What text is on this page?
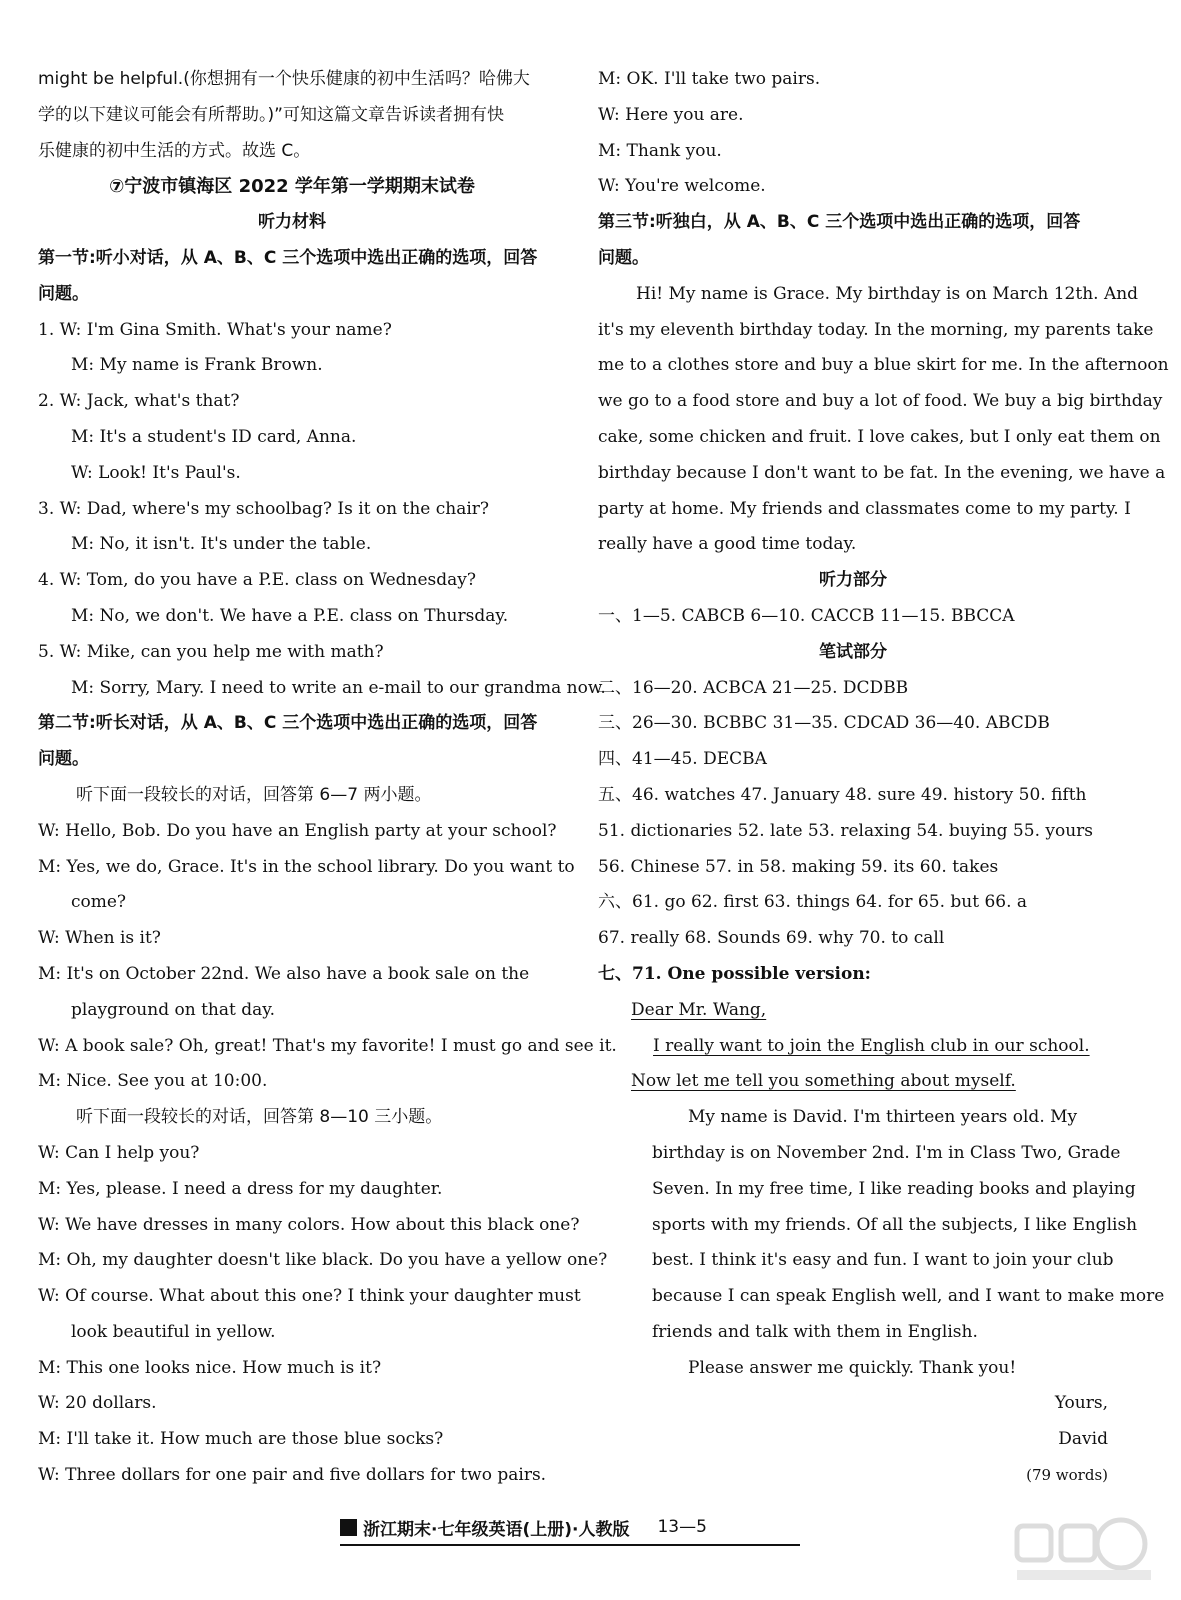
might be helpful.(你想拥有一个快乐健康的初中生活吗？哈佛大

学的以下建议可能会有所帮助。)”可知这篇文章告诉读者拥有快

乐健康的初中生活的方式。故选 C。

⑦宁波市镇海区 2022 学年第一学期期末试卷

听力材料

第一节:听小对话，从 A、B、C 三个选项中选出正确的选项，回答

问题。

1. W: I'm Gina Smith. What's your name?

M: My name is Frank Brown.

2. W: Jack, what's that?

M: It's a student's ID card, Anna.

W: Look! It's Paul's.

3. W: Dad, where's my schoolbag? Is it on the chair?

M: No, it isn't. It's under the table.

4. W: Tom, do you have a P.E. class on Wednesday?

M: No, we don't. We have a P.E. class on Thursday.

5. W: Mike, can you help me with math?

M: Sorry, Mary. I need to write an e-mail to our grandma now.

第二节:听长对话，从 A、B、C 三个选项中选出正确的选项，回答

问题。

听下面一段较长的对话，回答第 6—7 两小题。

W: Hello, Bob. Do you have an English party at your school?

M: Yes, we do, Grace. It's in the school library. Do you want to

come?

W: When is it?

M: It's on October 22nd. We also have a book sale on the

playground on that day.

W: A book sale? Oh, great! That's my favorite! I must go and see it.

M: Nice. See you at 10:00.

听下面一段较长的对话，回答第 8—10 三小题。

W: Can I help you?

M: Yes, please. I need a dress for my daughter.

W: We have dresses in many colors. How about this black one?

M: Oh, my daughter doesn't like black. Do you have a yellow one?

W: Of course. What about this one? I think your daughter must

look beautiful in yellow.

M: This one looks nice. How much is it?

W: 20 dollars.

M: I'll take it. How much are those blue socks?

W: Three dollars for one pair and five dollars for two pairs.

M: OK. I'll take two pairs.

W: Here you are.

M: Thank you.

W: You're welcome.

第三节:听独白，从 A、B、C 三个选项中选出正确的选项，回答

问题。

Hi! My name is Grace. My birthday is on March 12th. And

it's my eleventh birthday today. In the morning, my parents take

me to a clothes store and buy a blue skirt for me. In the afternoon

we go to a food store and buy a lot of food. We buy a big birthday

cake, some chicken and fruit. I love cakes, but I only eat them on

birthday because I don't want to be fat. In the evening, we have a

party at home. My friends and classmates come to my party. I

really have a good time today.

听力部分

一、1—5. CABCB 6—10. CACCB 11—15. BBCCA

笔试部分

二、16—20. ACBCA 21—25. DCDBB

三、26—30. BCBBC 31—35. CDCAD 36—40. ABCDB

四、41—45. DECBA

五、46. watches 47. January 48. sure 49. history 50. fifth

51. dictionaries 52. late 53. relaxing 54. buying 55. yours

56. Chinese 57. in 58. making 59. its 60. takes

六、61. go 62. first 63. things 64. for 65. but 66. a

67. really 68. Sounds 69. why 70. to call

七、71. One possible version:

Dear Mr. Wang,

I really want to join the English club in our school.

Now let me tell you something about myself.

My name is David. I'm thirteen years old. My

birthday is on November 2nd. I'm in Class Two, Grade

Seven. In my free time, I like reading books and playing

sports with my friends. Of all the subjects, I like English

best. I think it's easy and fun. I want to join your club

because I can speak English well, and I want to make more

friends and talk with them in English.

Please answer me quickly. Thank you!

Yours,

David

(79 words)

浙江期末·七年级英语(上册)·人教版 13—5
